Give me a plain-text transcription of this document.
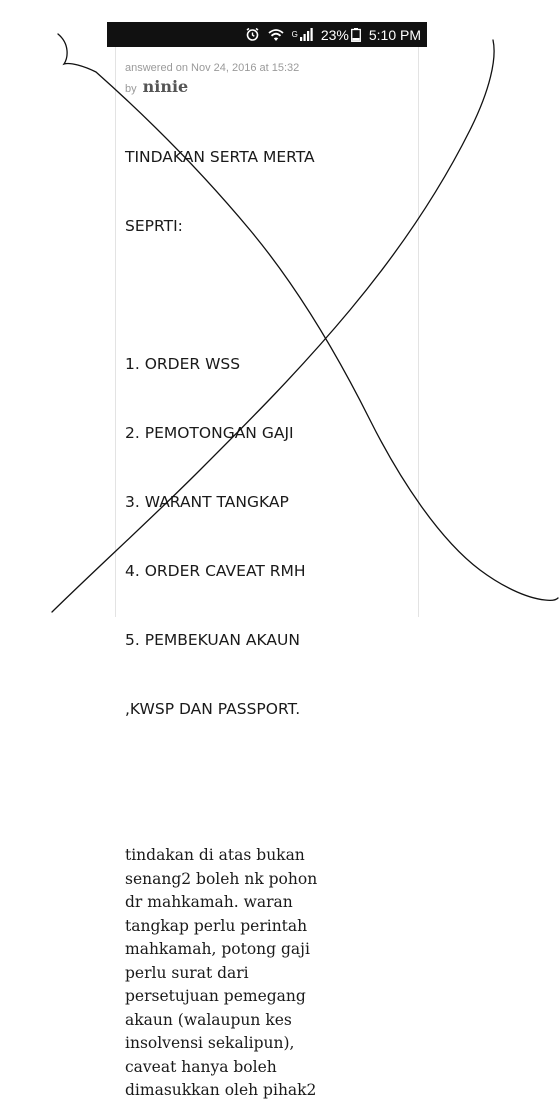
G 23% 5:10 PM

answered on Nov 24, 2016 at 15:32

by ninie

TINDAKAN SERTA MERTA

SEPRTI:

1. ORDER WSS

2. PEMOTONGAN GAJI

3. WARANT TANGKAP

4. ORDER CAVEAT RMH

5. PEMBEKUAN AKAUN

,KWSP DAN PASSPORT.

tindakan di atas bukan

senang2 boleh nk pohon

dr mahkamah. waran

tangkap perlu perintah

mahkamah, potong gaji

perlu surat dari

persetujuan pemegang

akaun (walaupun kes

insolvensi sekalipun),

caveat hanya boleh

dimasukkan oleh pihak2
